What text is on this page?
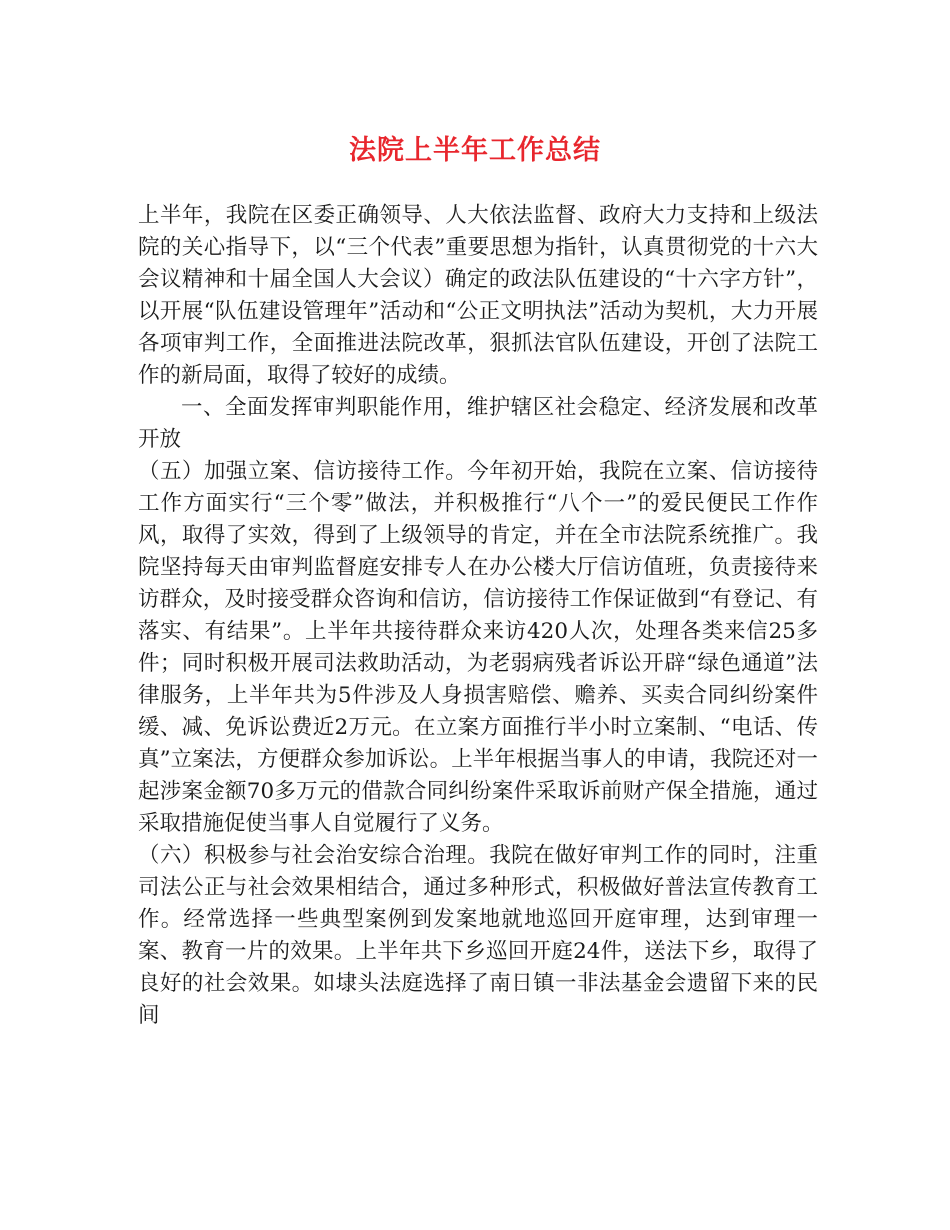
法院上半年工作总结

上半年，我院在区委正确领导、人大依法监督、政府大力支持和上级法院的关心指导下，以“三个代表”重要思想为指针，认真贯彻党的十六大会议精神和十届全国人大会议）确定的政法队伍建设的“十六字方针”，以开展“队伍建设管理年”活动和“公正文明执法”活动为契机，大力开展各项审判工作，全面推进法院改革，狠抓法官队伍建设，开创了法院工作的新局面，取得了较好的成绩。

一、全面发挥审判职能作用，维护辖区社会稳定、经济发展和改革开放

（五）加强立案、信访接待工作。今年初开始，我院在立案、信访接待工作方面实行“三个零”做法，并积极推行“八个一”的爱民便民工作作风，取得了实效，得到了上级领导的肯定，并在全市法院系统推广。我院坚持每天由审判监督庭安排专人在办公楼大厅信访值班，负责接待来访群众，及时接受群众咨询和信访，信访接待工作保证做到“有登记、有落实、有结果”。上半年共接待群众来访420人次，处理各类来信25多件；同时积极开展司法救助活动，为老弱病残者诉讼开辟“绿色通道”法律服务，上半年共为5件涉及人身损害赔偿、赡养、买卖合同纠纷案件缓、减、免诉讼费近2万元。在立案方面推行半小时立案制、“电话、传真”立案法，方便群众参加诉讼。上半年根据当事人的申请，我院还对一起涉案金额70多万元的借款合同纠纷案件采取诉前财产保全措施，通过采取措施促使当事人自觉履行了义务。

（六）积极参与社会治安综合治理。我院在做好审判工作的同时，注重司法公正与社会效果相结合，通过多种形式，积极做好普法宣传教育工作。经常选择一些典型案例到发案地就地巡回开庭审理，达到审理一案、教育一片的效果。上半年共下乡巡回开庭24件，送法下乡，取得了良好的社会效果。如埭头法庭选择了南日镇一非法基金会遗留下来的民间
